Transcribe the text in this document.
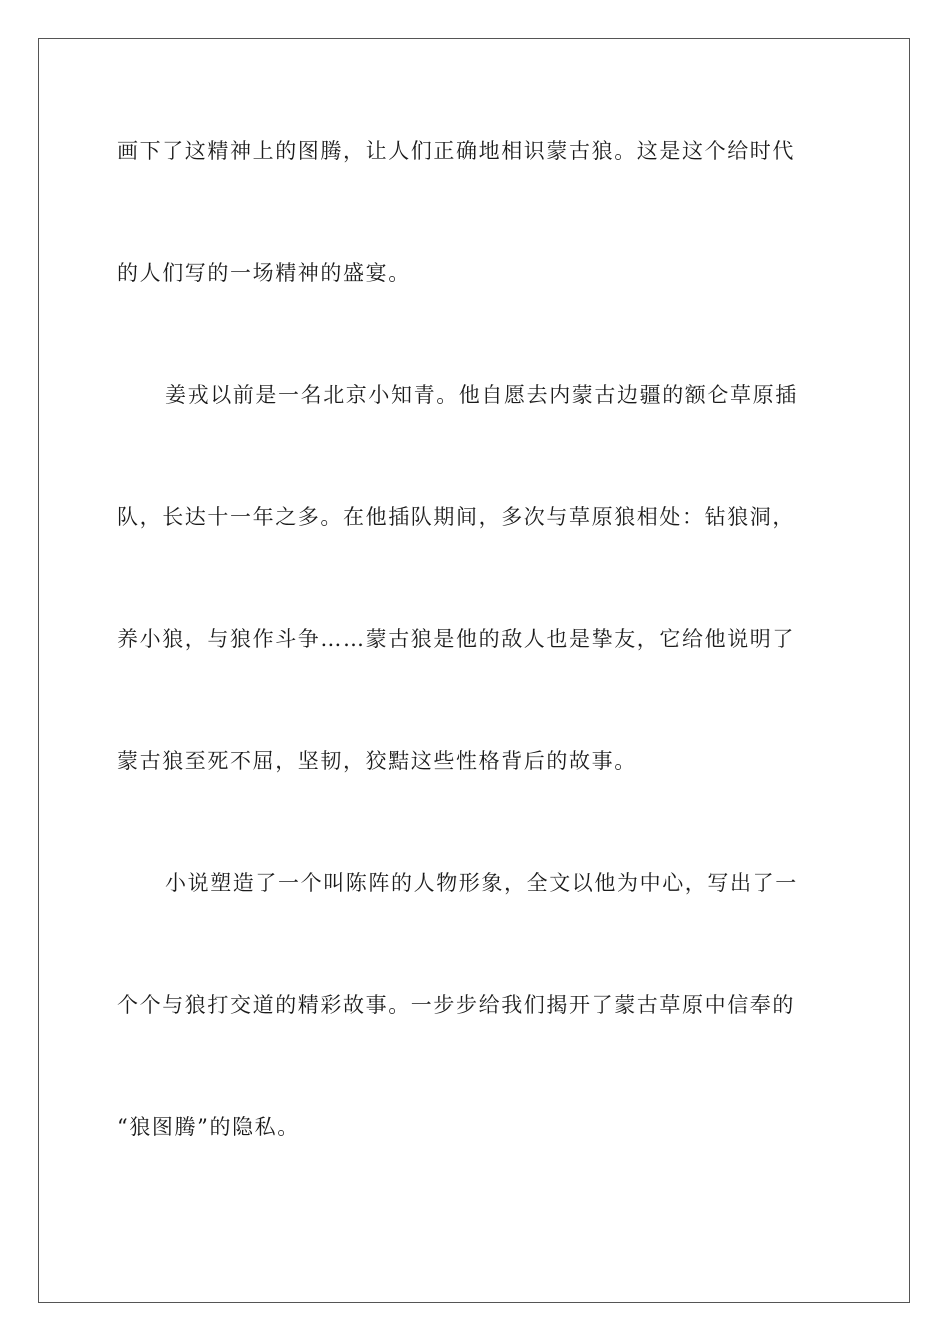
画下了这精神上的图腾，让人们正确地相识蒙古狼。这是这个给时代
的人们写的一场精神的盛宴。
姜戎以前是一名北京小知青。他自愿去内蒙古边疆的额仑草原插
队，长达十一年之多。在他插队期间，多次与草原狼相处：钻狼洞，
养小狼，与狼作斗争……蒙古狼是他的敌人也是挚友，它给他说明了
蒙古狼至死不屈，坚韧，狡黠这些性格背后的故事。
小说塑造了一个叫陈阵的人物形象，全文以他为中心，写出了一
个个与狼打交道的精彩故事。一步步给我们揭开了蒙古草原中信奉的
“狼图腾”的隐私。
